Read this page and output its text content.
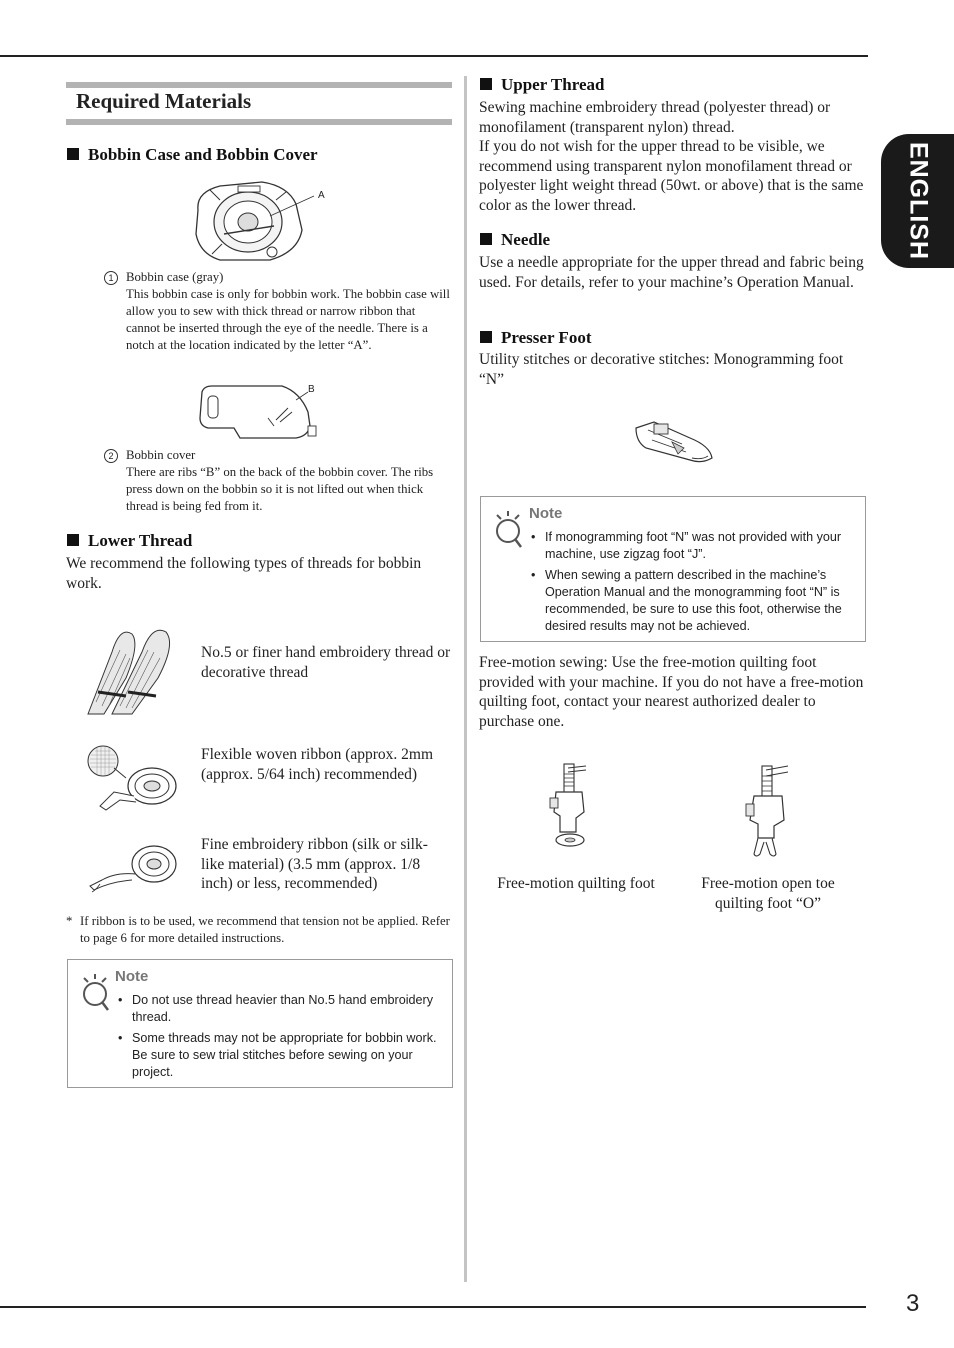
3
ENGLISH
Required Materials
Bobbin Case and Bobbin Cover
A
1 Bobbin case (gray)
This bobbin case is only for bobbin work. The bobbin case will allow you to sew with thick thread or narrow ribbon that cannot be inserted through the eye of the needle. There is a notch at the location indicated by the letter “A”.
B
2 Bobbin cover
There are ribs “B” on the back of the bobbin cover. The ribs press down on the bobbin so it is not lifted out when thick thread is being fed from it.
Lower Thread
We recommend the following types of threads for bobbin work.
No.5 or finer hand embroidery thread or decorative thread
Flexible woven ribbon (approx. 2mm (approx. 5/64 inch) recommended)
Fine embroidery ribbon (silk or silk-like material) (3.5 mm (approx. 1/8 inch) or less, recommended)
* If ribbon is to be used, we recommend that tension not be applied. Refer to page 6 for more detailed instructions.
Note
• Do not use thread heavier than No.5 hand embroidery thread.
• Some threads may not be appropriate for bobbin work. Be sure to sew trial stitches before sewing on your project.
Upper Thread
Sewing machine embroidery thread (polyester thread) or monofilament (transparent nylon) thread.
If you do not wish for the upper thread to be visible, we recommend using transparent nylon monofilament thread or polyester light weight thread (50wt. or above) that is the same color as the lower thread.
Needle
Use a needle appropriate for the upper thread and fabric being used. For details, refer to your machine’s Operation Manual.
Presser Foot
Utility stitches or decorative stitches: Monogramming foot “N”
Note
• If monogramming foot “N” was not provided with your machine, use zigzag foot “J”.
• When sewing a pattern described in the machine’s Operation Manual and the monogramming foot “N” is recommended, be sure to use this foot, otherwise the desired results may not be achieved.
Free-motion sewing: Use the free-motion quilting foot provided with your machine. If you do not have a free-motion quilting foot, contact your nearest authorized dealer to purchase one.
Free-motion quilting foot	Free-motion open toe quilting foot “O”
